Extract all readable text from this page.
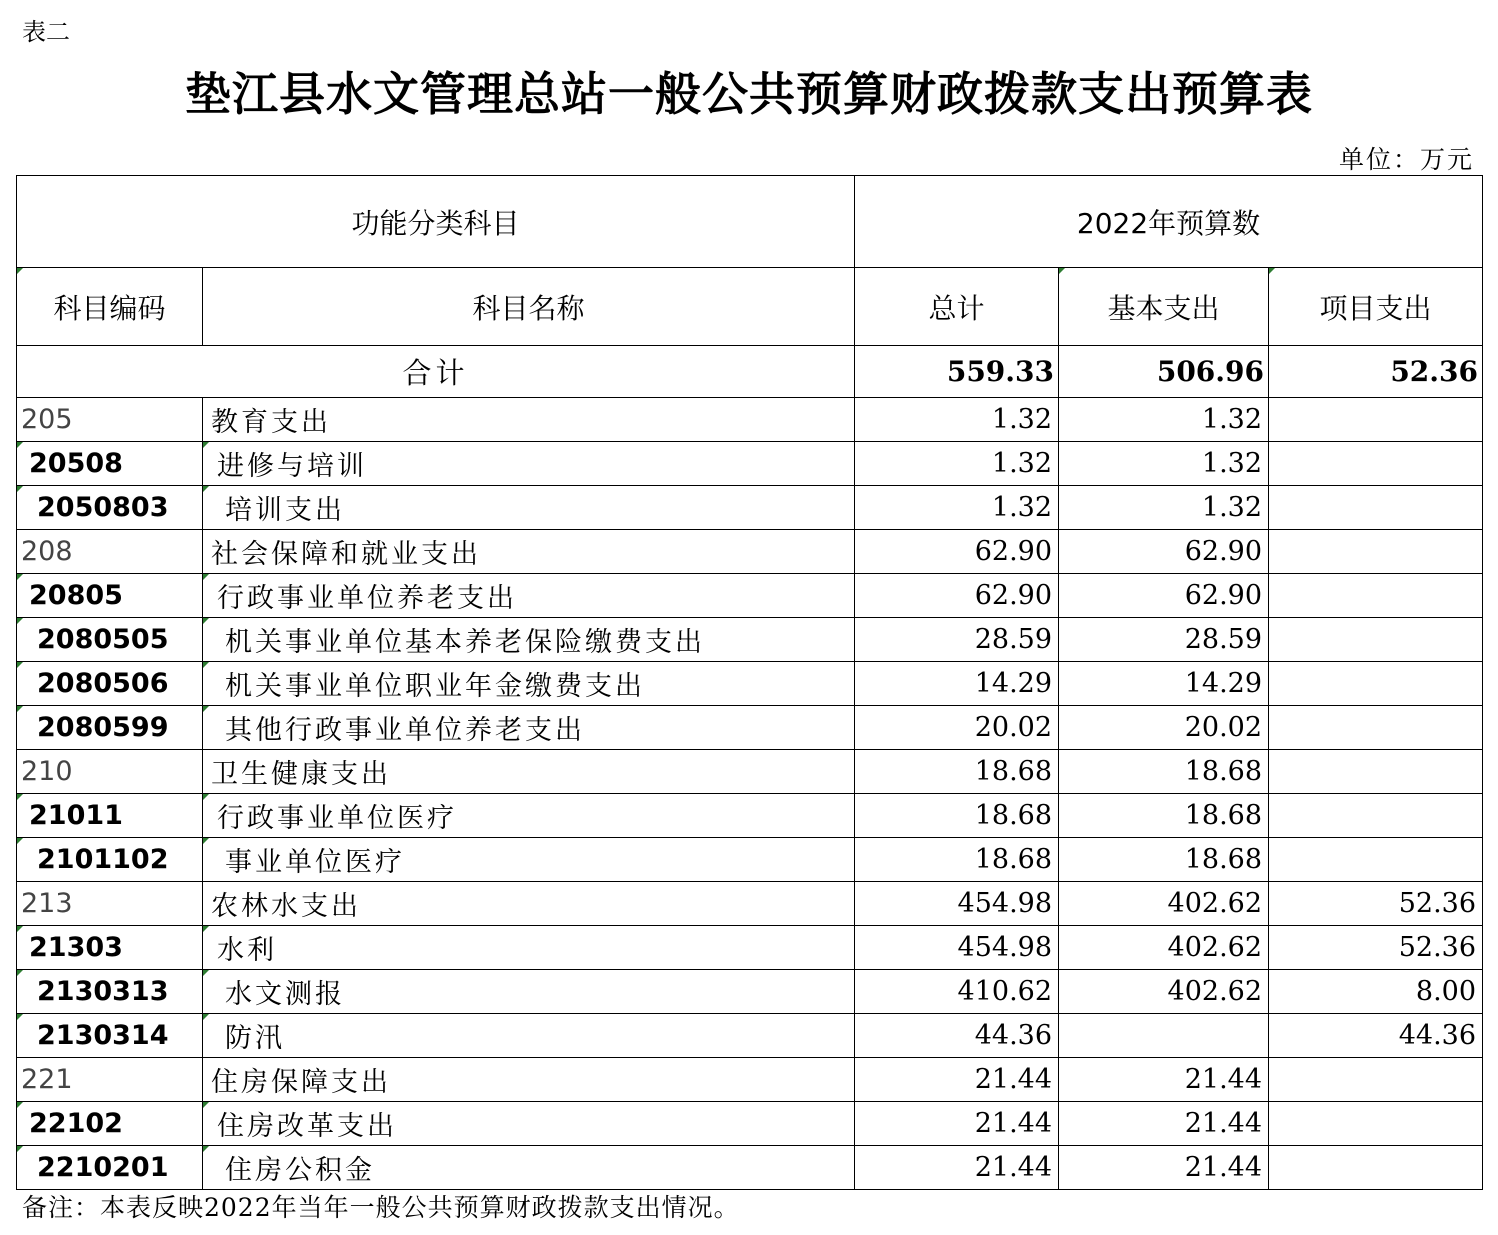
表二
垫江县水文管理总站一般公共预算财政拨款支出预算表
单位：万元
功能分类科目		2022年预算数		
科目编码	科目名称	总计	基本支出	项目支出
合计		559.33	506.96	52.36
205	教育支出	1.32	1.32	
20508	进修与培训	1.32	1.32	
2050803	培训支出	1.32	1.32	
208	社会保障和就业支出	62.90	62.90	
20805	行政事业单位养老支出	62.90	62.90	
2080505	机关事业单位基本养老保险缴费支出	28.59	28.59	
2080506	机关事业单位职业年金缴费支出	14.29	14.29	
2080599	其他行政事业单位养老支出	20.02	20.02	
210	卫生健康支出	18.68	18.68	
21011	行政事业单位医疗	18.68	18.68	
2101102	事业单位医疗	18.68	18.68	
213	农林水支出	454.98	402.62	52.36
21303	水利	454.98	402.62	52.36
2130313	水文测报	410.62	402.62	8.00
2130314	防汛	44.36		44.36
221	住房保障支出	21.44	21.44	
22102	住房改革支出	21.44	21.44	
2210201	住房公积金	21.44	21.44	
备注：本表反映2022年当年一般公共预算财政拨款支出情况。
